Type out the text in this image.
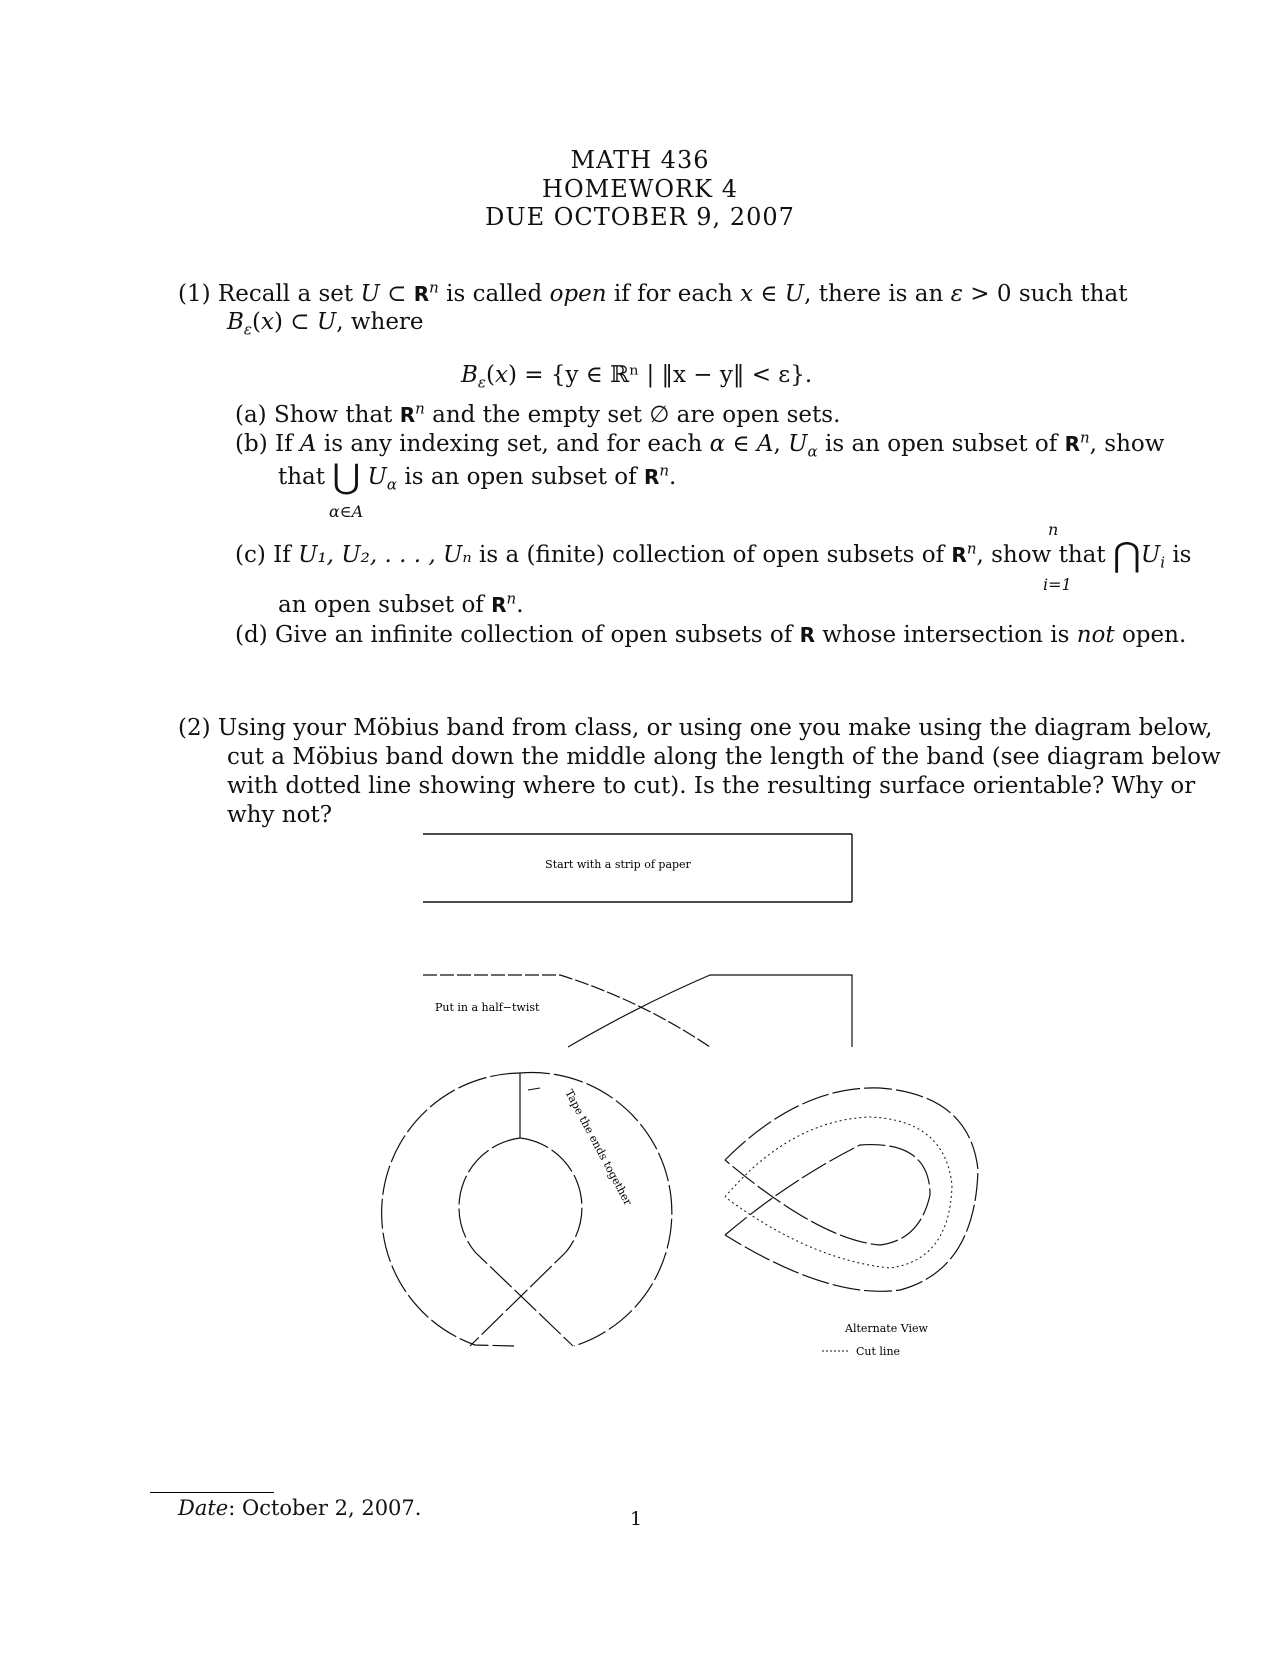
MATH 436
HOMEWORK 4
DUE OCTOBER 9, 2007
(1) Recall a set U ⊂ $R^n$ is called open if for each x ∈ U, there is an ε > 0 such that
$B_\varepsilon(x)$ ⊂ U, where
$B_\varepsilon(x) = \{y$ ∈ ℝⁿ | ‖x − y‖ < ε}.
(a) Show that $R^n$ and the empty set ∅ are open sets.
(b) If A is any indexing set, and for each α ∈ A, $U_\alpha$ is an open subset of $R^n$, show
that ⋃ $U_\alpha$ is an open subset of $R^n$.
α∈A
n
(c) If U₁, U₂, . . . , Uₙ is a (finite) collection of open subsets of $R^n$, show that $⋂U_i$ is
i=1
an open subset of $R^n$.
(d) Give an infinite collection of open subsets of R whose intersection is not open.
(2) Using your Möbius band from class, or using one you make using the diagram below,
cut a Möbius band down the middle along the length of the band (see diagram below
with dotted line showing where to cut). Is the resulting surface orientable? Why or
why not?
Start with a strip of paper
Put in a half−twist
Tape the ends together
Alternate View
Cut line
Date: October 2, 2007.	1
